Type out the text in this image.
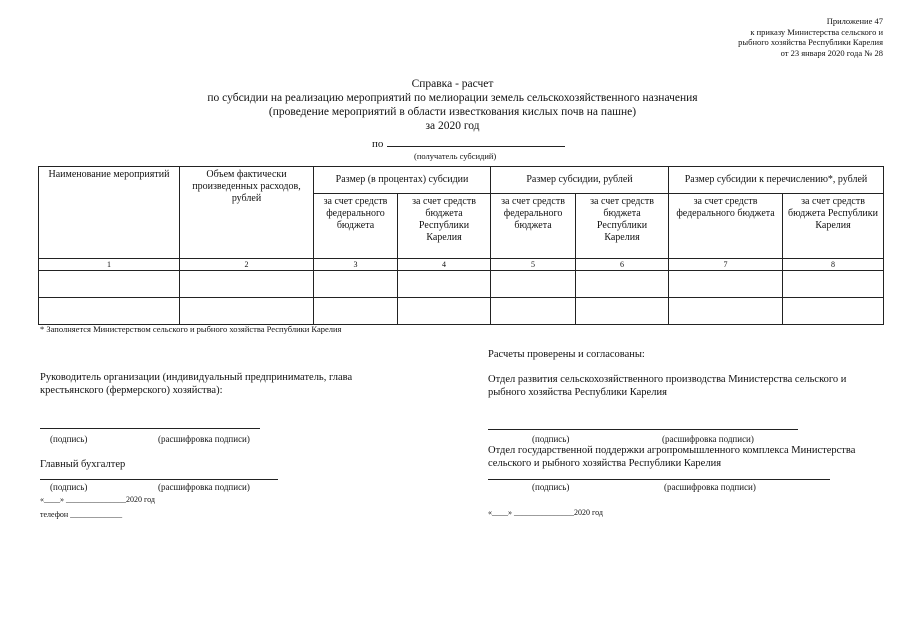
Приложение 47
к приказу Министерства сельского и
рыбного хозяйства Республики Карелия
от 23 января 2020 года № 28
Справка - расчет
по субсидии на реализацию мероприятий по мелиорации земель сельскохозяйственного назначения
(проведение мероприятий в области известкования кислых почв на пашне)
за 2020 год
по
(получатель субсидий)
Наименование мероприятий	Объем фактически произведенных расходов, рублей	Размер (в процентах) субсидии		Размер субсидии, рублей		Размер субсидии к перечислению*, рублей	
		за счет средств федерального бюджета	за счет средств бюджета Республики Карелия	за счет средств федерального бюджета	за счет средств бюджета Республики Карелия	за счет средств федерального бюджета	за счет средств бюджета Республики Карелия
1	2	3	4	5	6	7	8

* Заполняется Министерством сельского и рыбного хозяйства Республики Карелия
Руководитель организации (индивидуальный предприниматель, глава
крестьянского (фермерского) хозяйства):
(подпись)	(расшифровка подписи)
Главный бухгалтер
(подпись)	(расшифровка подписи)
«____» _______________2020 год
телефон _____________
Расчеты проверены и согласованы:
Отдел развития сельскохозяйственного производства Министерства сельского и
рыбного хозяйства Республики Карелия
(подпись)	(расшифровка подписи)
Отдел государственной поддержки агропромышленного комплекса Министерства
сельского и рыбного хозяйства Республики Карелия
(подпись)	(расшифровка подписи)
«____» _______________2020 год
